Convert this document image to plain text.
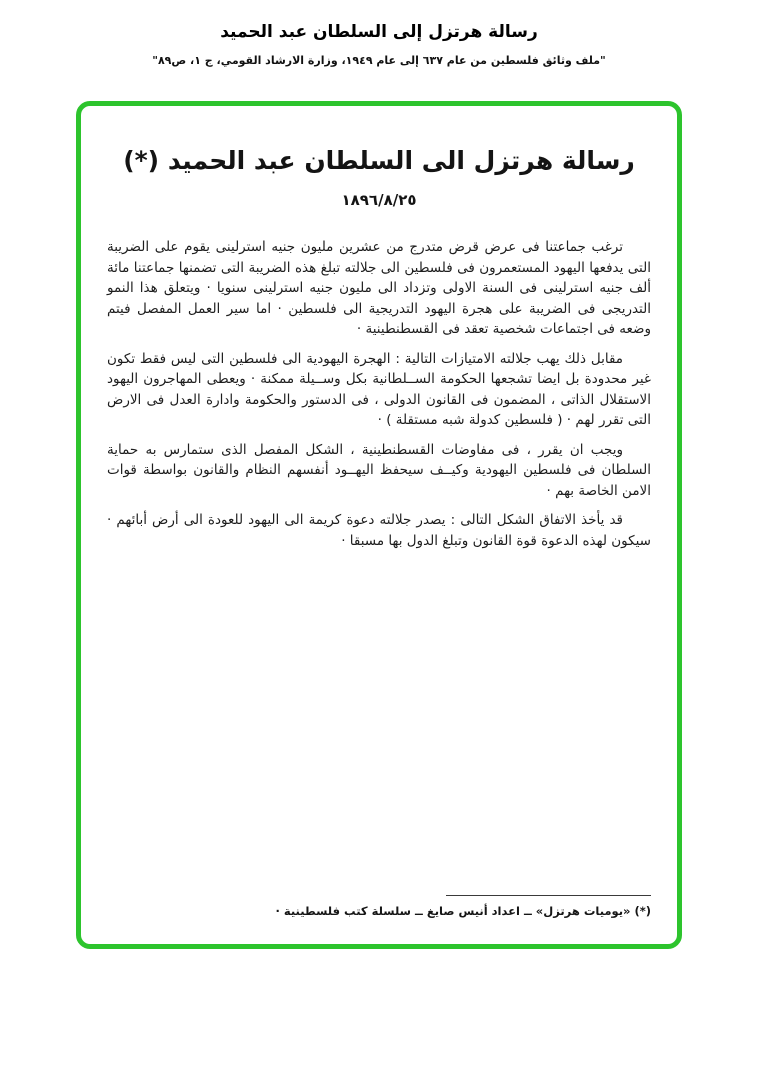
رسالة هرتزل إلى السلطان عبد الحميد
"ملف وثائق فلسطين من عام ٦٣٧ إلى عام ١٩٤٩، وزارة الارشاد القومي، ج ١، ص٨٩"
رسالة هرتزل الى السلطان عبد الحميد (*)
١٨٩٦/٨/٢٥

ترغب جماعتنا فى عرض قرض متدرج من عشرين مليون جنيه استرلينى يقوم على الضريبة التى يدفعها اليهود المستعمرون فى فلسطين الى جلالته تبلغ هذه الضريبة التى تضمنها جماعتنا مائة ألف جنيه استرلينى فى السنة الاولى وتزداد الى مليون جنيه استرلينى سنويا · ويتعلق هذا النمو التدريجى فى الضريبة على هجرة اليهود التدريجية الى فلسطين · اما سير العمل المفصل فيتم وضعه فى اجتماعات شخصية تعقد فى القسطنطينية ·

مقابل ذلك يهب جلالته الامتيازات التالية : الهجرة اليهودية الى فلسطين التى ليس فقط تكون غير محدودة بل ايضا تشجعها الحكومة الســلطانية بكل وســيلة ممكنة · ويعطى المهاجرون اليهود الاستقلال الذاتى ، المضمون فى القانون الدولى ، فى الدستور والحكومة وادارة العدل فى الارض التى تقرر لهم · ( فلسطين كدولة شبه مستقلة ) ·

ويجب ان يقرر ، فى مفاوضات القسطنطينية ، الشكل المفصل الذى ستمارس به حماية السلطان فى فلسطين اليهودية وكيــف سيحفظ اليهــود أنفسهم النظام والقانون بواسطة قوات الامن الخاصة بهم ·

قد يأخذ الاتفاق الشكل التالى : يصدر جلالته دعوة كريمة الى اليهود للعودة الى أرض أبائهم · سيكون لهذه الدعوة قوة القانون وتبلغ الدول بها مسبقا ·

(*) «يوميات هرتزل» ــ اعداد أنيس صايغ ــ سلسلة كتب فلسطينية ·
